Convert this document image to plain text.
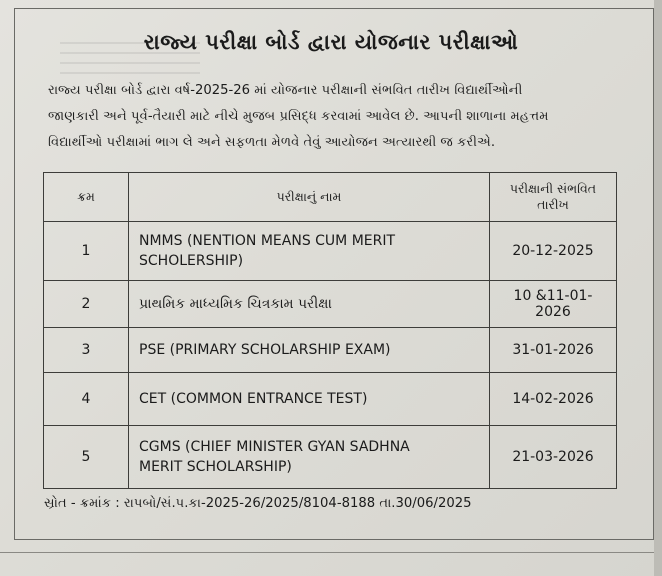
રાજ્ય પરીક્ષા બોર્ડ દ્વારા યોજનાર પરીક્ષાઓ
રાજ્ય પરીક્ષા બોર્ડ દ્વારા વર્ષ-2025-26 માં યોજનાર પરીક્ષાની સંભવિત તારીખ વિદ્યાર્થીઓની
જાણકારી અને પૂર્વ-તૈયારી માટે નીચે મુજબ પ્રસિદ્ધ કરવામાં આવેલ છે. આપની શાળાના મહત્તમ
વિદ્યાર્થીઓ પરીક્ષામાં ભાગ લે અને સફળતા મેળવે તેવું આયોજન અત્યારથી જ કરીએ.
ક્રમ	પરીક્ષાનું નામ	પરીક્ષાની સંભવિત તારીખ
1	NMMS (NENTION MEANS CUM MERIT
SCHOLERSHIP)	20-12-2025
2	પ્રાથમિક માધ્યમિક ચિત્રકામ પરીક્ષા	10 &11-01-2026
3	PSE (PRIMARY SCHOLARSHIP EXAM)	31-01-2026
4	CET (COMMON ENTRANCE TEST)	14-02-2026
5	CGMS (CHIEF MINISTER GYAN SADHNA
MERIT SCHOLARSHIP)	21-03-2026
સ્રોત - ક્રમાંક : રાપબો/સં.પ.કા-2025-26/2025/8104-8188 તા.30/06/2025
